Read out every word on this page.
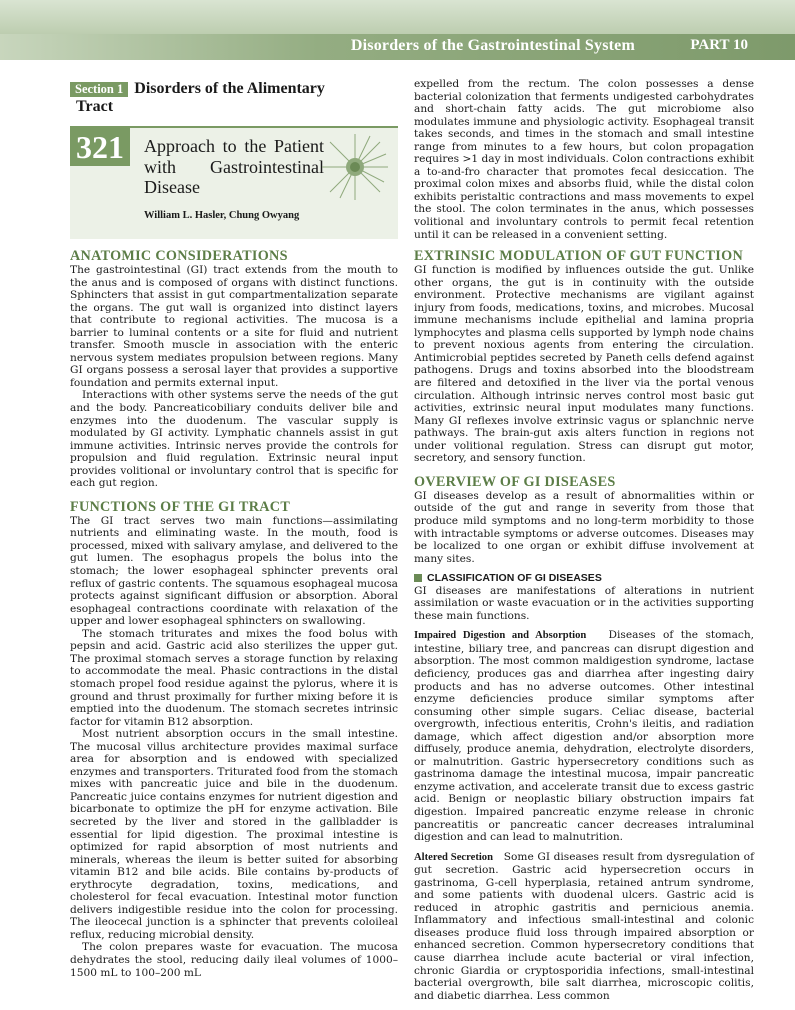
Disorders of the Gastrointestinal System	PART 10
Section 1 Disorders of the Alimentary
Tract
321	Approach to the Patient with Gastrointestinal Disease
William L. Hasler, Chung Owyang
ANATOMIC CONSIDERATIONS

The gastrointestinal (GI) tract extends from the mouth to the anus and is composed of organs with distinct functions. Sphincters that assist in gut compartmentalization separate the organs. The gut wall is organized into distinct layers that contribute to regional activities. The mucosa is a barrier to luminal contents or a site for fluid and nutrient transfer. Smooth muscle in association with the enteric nervous system mediates propulsion between regions. Many GI organs possess a serosal layer that provides a supportive foundation and permits external input.

Interactions with other systems serve the needs of the gut and the body. Pancreaticobiliary conduits deliver bile and enzymes into the duodenum. The vascular supply is modulated by GI activity. Lymphatic channels assist in gut immune activities. Intrinsic nerves provide the controls for propulsion and fluid regulation. Extrinsic neural input provides volitional or involuntary control that is specific for each gut region.

FUNCTIONS OF THE GI TRACT

The GI tract serves two main functions—assimilating nutrients and eliminating waste. In the mouth, food is processed, mixed with salivary amylase, and delivered to the gut lumen. The esophagus propels the bolus into the stomach; the lower esophageal sphincter prevents oral reflux of gastric contents. The squamous esophageal mucosa protects against significant diffusion or absorption. Aboral esophageal contractions coordinate with relaxation of the upper and lower esophageal sphincters on swallowing.

The stomach triturates and mixes the food bolus with pepsin and acid. Gastric acid also sterilizes the upper gut. The proximal stomach serves a storage function by relaxing to accommodate the meal. Phasic contractions in the distal stomach propel food residue against the pylorus, where it is ground and thrust proximally for further mixing before it is emptied into the duodenum. The stomach secretes intrinsic factor for vitamin B12 absorption.

Most nutrient absorption occurs in the small intestine. The mucosal villus architecture provides maximal surface area for absorption and is endowed with specialized enzymes and transporters. Triturated food from the stomach mixes with pancreatic juice and bile in the duodenum. Pancreatic juice contains enzymes for nutrient digestion and bicarbonate to optimize the pH for enzyme activation. Bile secreted by the liver and stored in the gallbladder is essential for lipid digestion. The proximal intestine is optimized for rapid absorption of most nutrients and minerals, whereas the ileum is better suited for absorbing vitamin B12 and bile acids. Bile contains by-products of erythrocyte degradation, toxins, medications, and cholesterol for fecal evacuation. Intestinal motor function delivers indigestible residue into the colon for processing. The ileocecal junction is a sphincter that prevents coloileal reflux, reducing microbial density.

The colon prepares waste for evacuation. The mucosa dehydrates the stool, reducing daily ileal volumes of 1000–1500 mL to 100–200 mL

expelled from the rectum. The colon possesses a dense bacterial colonization that ferments undigested carbohydrates and short-chain fatty acids. The gut microbiome also modulates immune and physiologic activity. Esophageal transit takes seconds, and times in the stomach and small intestine range from minutes to a few hours, but colon propagation requires >1 day in most individuals. Colon contractions exhibit a to-and-fro character that promotes fecal desiccation. The proximal colon mixes and absorbs fluid, while the distal colon exhibits peristaltic contractions and mass movements to expel the stool. The colon terminates in the anus, which possesses volitional and involuntary controls to permit fecal retention until it can be released in a convenient setting.

EXTRINSIC MODULATION OF GUT FUNCTION

GI function is modified by influences outside the gut. Unlike other organs, the gut is in continuity with the outside environment. Protective mechanisms are vigilant against injury from foods, medications, toxins, and microbes. Mucosal immune mechanisms include epithelial and lamina propria lymphocytes and plasma cells supported by lymph node chains to prevent noxious agents from entering the circulation. Antimicrobial peptides secreted by Paneth cells defend against pathogens. Drugs and toxins absorbed into the bloodstream are filtered and detoxified in the liver via the portal venous circulation. Although intrinsic nerves control most basic gut activities, extrinsic neural input modulates many functions. Many GI reflexes involve extrinsic vagus or splanchnic nerve pathways. The brain-gut axis alters function in regions not under volitional regulation. Stress can disrupt gut motor, secretory, and sensory function.

OVERVIEW OF GI DISEASES

GI diseases develop as a result of abnormalities within or outside of the gut and range in severity from those that produce mild symptoms and no long-term morbidity to those with intractable symptoms or adverse outcomes. Diseases may be localized to one organ or exhibit diffuse involvement at many sites.

CLASSIFICATION OF GI DISEASES

GI diseases are manifestations of alterations in nutrient assimilation or waste evacuation or in the activities supporting these main functions.

Impaired Digestion and Absorption Diseases of the stomach, intestine, biliary tree, and pancreas can disrupt digestion and absorption. The most common maldigestion syndrome, lactase deficiency, produces gas and diarrhea after ingesting dairy products and has no adverse outcomes. Other intestinal enzyme deficiencies produce similar symptoms after consuming other simple sugars. Celiac disease, bacterial overgrowth, infectious enteritis, Crohn's ileitis, and radiation damage, which affect digestion and/or absorption more diffusely, produce anemia, dehydration, electrolyte disorders, or malnutrition. Gastric hypersecretory conditions such as gastrinoma damage the intestinal mucosa, impair pancreatic enzyme activation, and accelerate transit due to excess gastric acid. Benign or neoplastic biliary obstruction impairs fat digestion. Impaired pancreatic enzyme release in chronic pancreatitis or pancreatic cancer decreases intraluminal digestion and can lead to malnutrition.

Altered Secretion Some GI diseases result from dysregulation of gut secretion. Gastric acid hypersecretion occurs in gastrinoma, G-cell hyperplasia, retained antrum syndrome, and some patients with duodenal ulcers. Gastric acid is reduced in atrophic gastritis and pernicious anemia. Inflammatory and infectious small-intestinal and colonic diseases produce fluid loss through impaired absorption or enhanced secretion. Common hypersecretory conditions that cause diarrhea include acute bacterial or viral infection, chronic Giardia or cryptosporidia infections, small-intestinal bacterial overgrowth, bile salt diarrhea, microscopic colitis, and diabetic diarrhea. Less common
